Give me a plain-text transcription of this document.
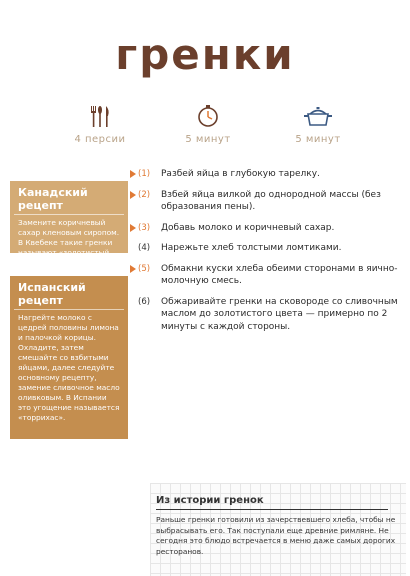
гренки
4 персии	5 минут	5 минут
Канадский рецепт
Замените коричневый сахар кленовым сиропом. В Квебеке такие гренки называют «золотистый хлеб».
Испанский рецепт
Нагрейте молоко с цедрей половины лимона и палочкой корицы. Охладите, затем смешайте со взбитыми яйцами, далее следуйте основному рецепту, замение сливочное масло оливковым. В Испании это угощение называется «торрихас».
(1) Разбей яйца в глубокую тарелку.
(2) Взбей яйца вилкой до однородной массы (без образования пены).
(3) Добавь молоко и коричневый сахар.
(4) Нарежьте хлеб толстыми ломтиками.
(5) Обмакни куски хлеба обеими сторонами в яично-молочную смесь.
(6) Обжаривайте гренки на сковороде со сливочным маслом до золотистого цвета — примерно по 2 минуты с каждой стороны.
Из истории гренок
Раньше гренки готовили из зачерствевшего хлеба, чтобы не выбрасывать его. Так поступали еще древние римляне. Не сегодня это блюдо встречается в меню даже самых дорогих ресторанов.
